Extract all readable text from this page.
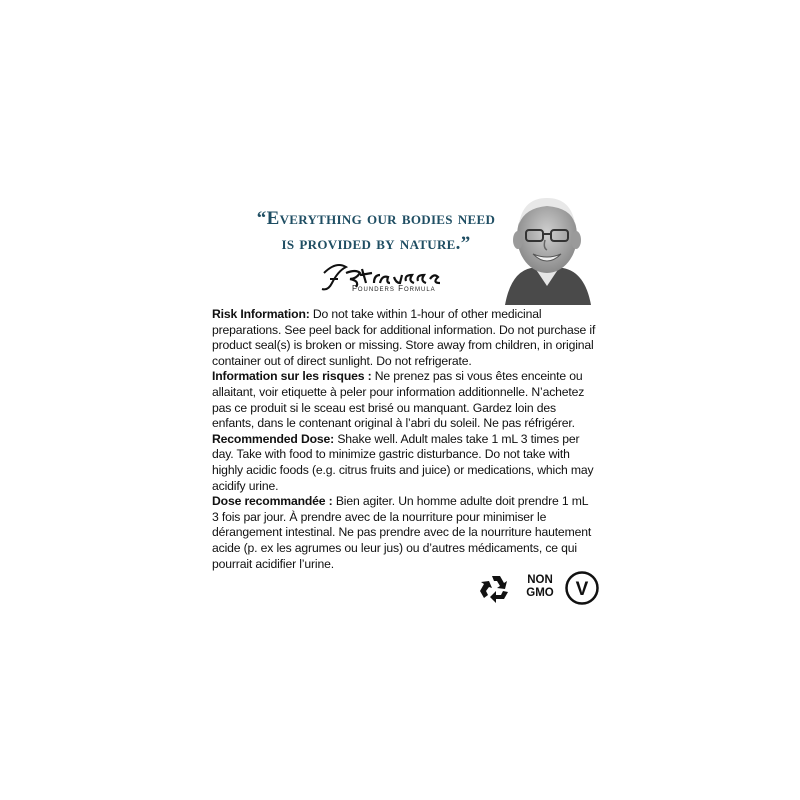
“Everything our bodies need
is provided by nature.”
Founders Formula

Risk Information: Do not take within 1-hour of other medicinal preparations. See peel back for additional information. Do not purchase if product seal(s) is broken or missing. Store away from children, in original container out of direct sunlight. Do not refrigerate.

Information sur les risques : Ne prenez pas si vous êtes enceinte ou allaitant, voir etiquette à peler pour information additionnelle. N’achetez pas ce produit si le sceau est brisé ou manquant. Gardez loin des enfants, dans le contenant original à l’abri du soleil. Ne pas réfrigérer.

Recommended Dose: Shake well. Adult males take 1 mL 3 times per day. Take with food to minimize gastric disturbance. Do not take with highly acidic foods (e.g. citrus fruits and juice) or medications, which may acidify urine.

Dose recommandée : Bien agiter. Un homme adulte doit prendre 1 mL 3 fois par jour. À prendre avec de la nourriture pour minimiser le dérangement intestinal. Ne pas prendre avec de la nourriture hautement acide (p. ex les agrumes ou leur jus) ou d’autres médicaments, ce qui pourrait acidifier l’urine.

NON
GMO V
